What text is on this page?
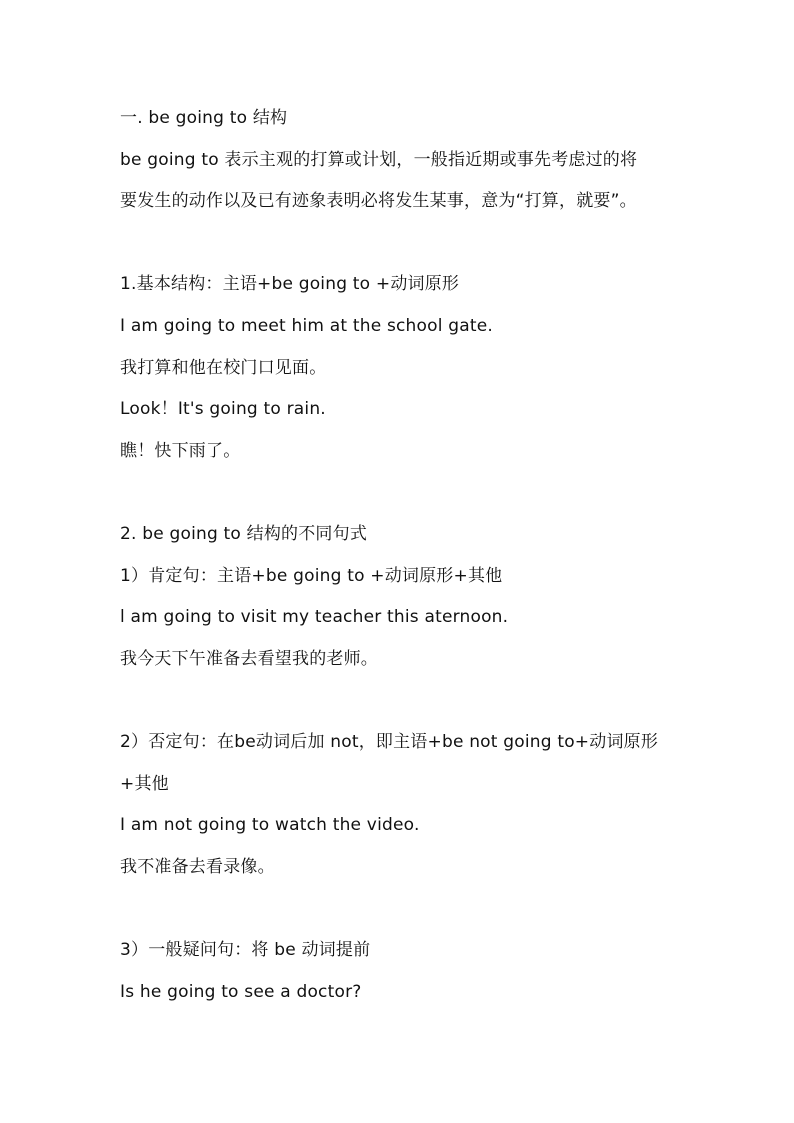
一. be going to 结构
be going to 表示主观的打算或计划，一般指近期或事先考虑过的将
要发生的动作以及已有迹象表明必将发生某事，意为“打算，就要”。
1.基本结构：主语+be going to +动词原形
I am going to meet him at the school gate.
我打算和他在校门口见面。
Look！It's going to rain.
瞧！快下雨了。
2. be going to 结构的不同句式
1）肯定句：主语+be going to +动词原形+其他
l am going to visit my teacher this aternoon.
我今天下午准备去看望我的老师。
2）否定句：在be动词后加 not，即主语+be not going to+动词原形
+其他
I am not going to watch the video.
我不准备去看录像。
3）一般疑问句：将 be 动词提前
Is he going to see a doctor?
